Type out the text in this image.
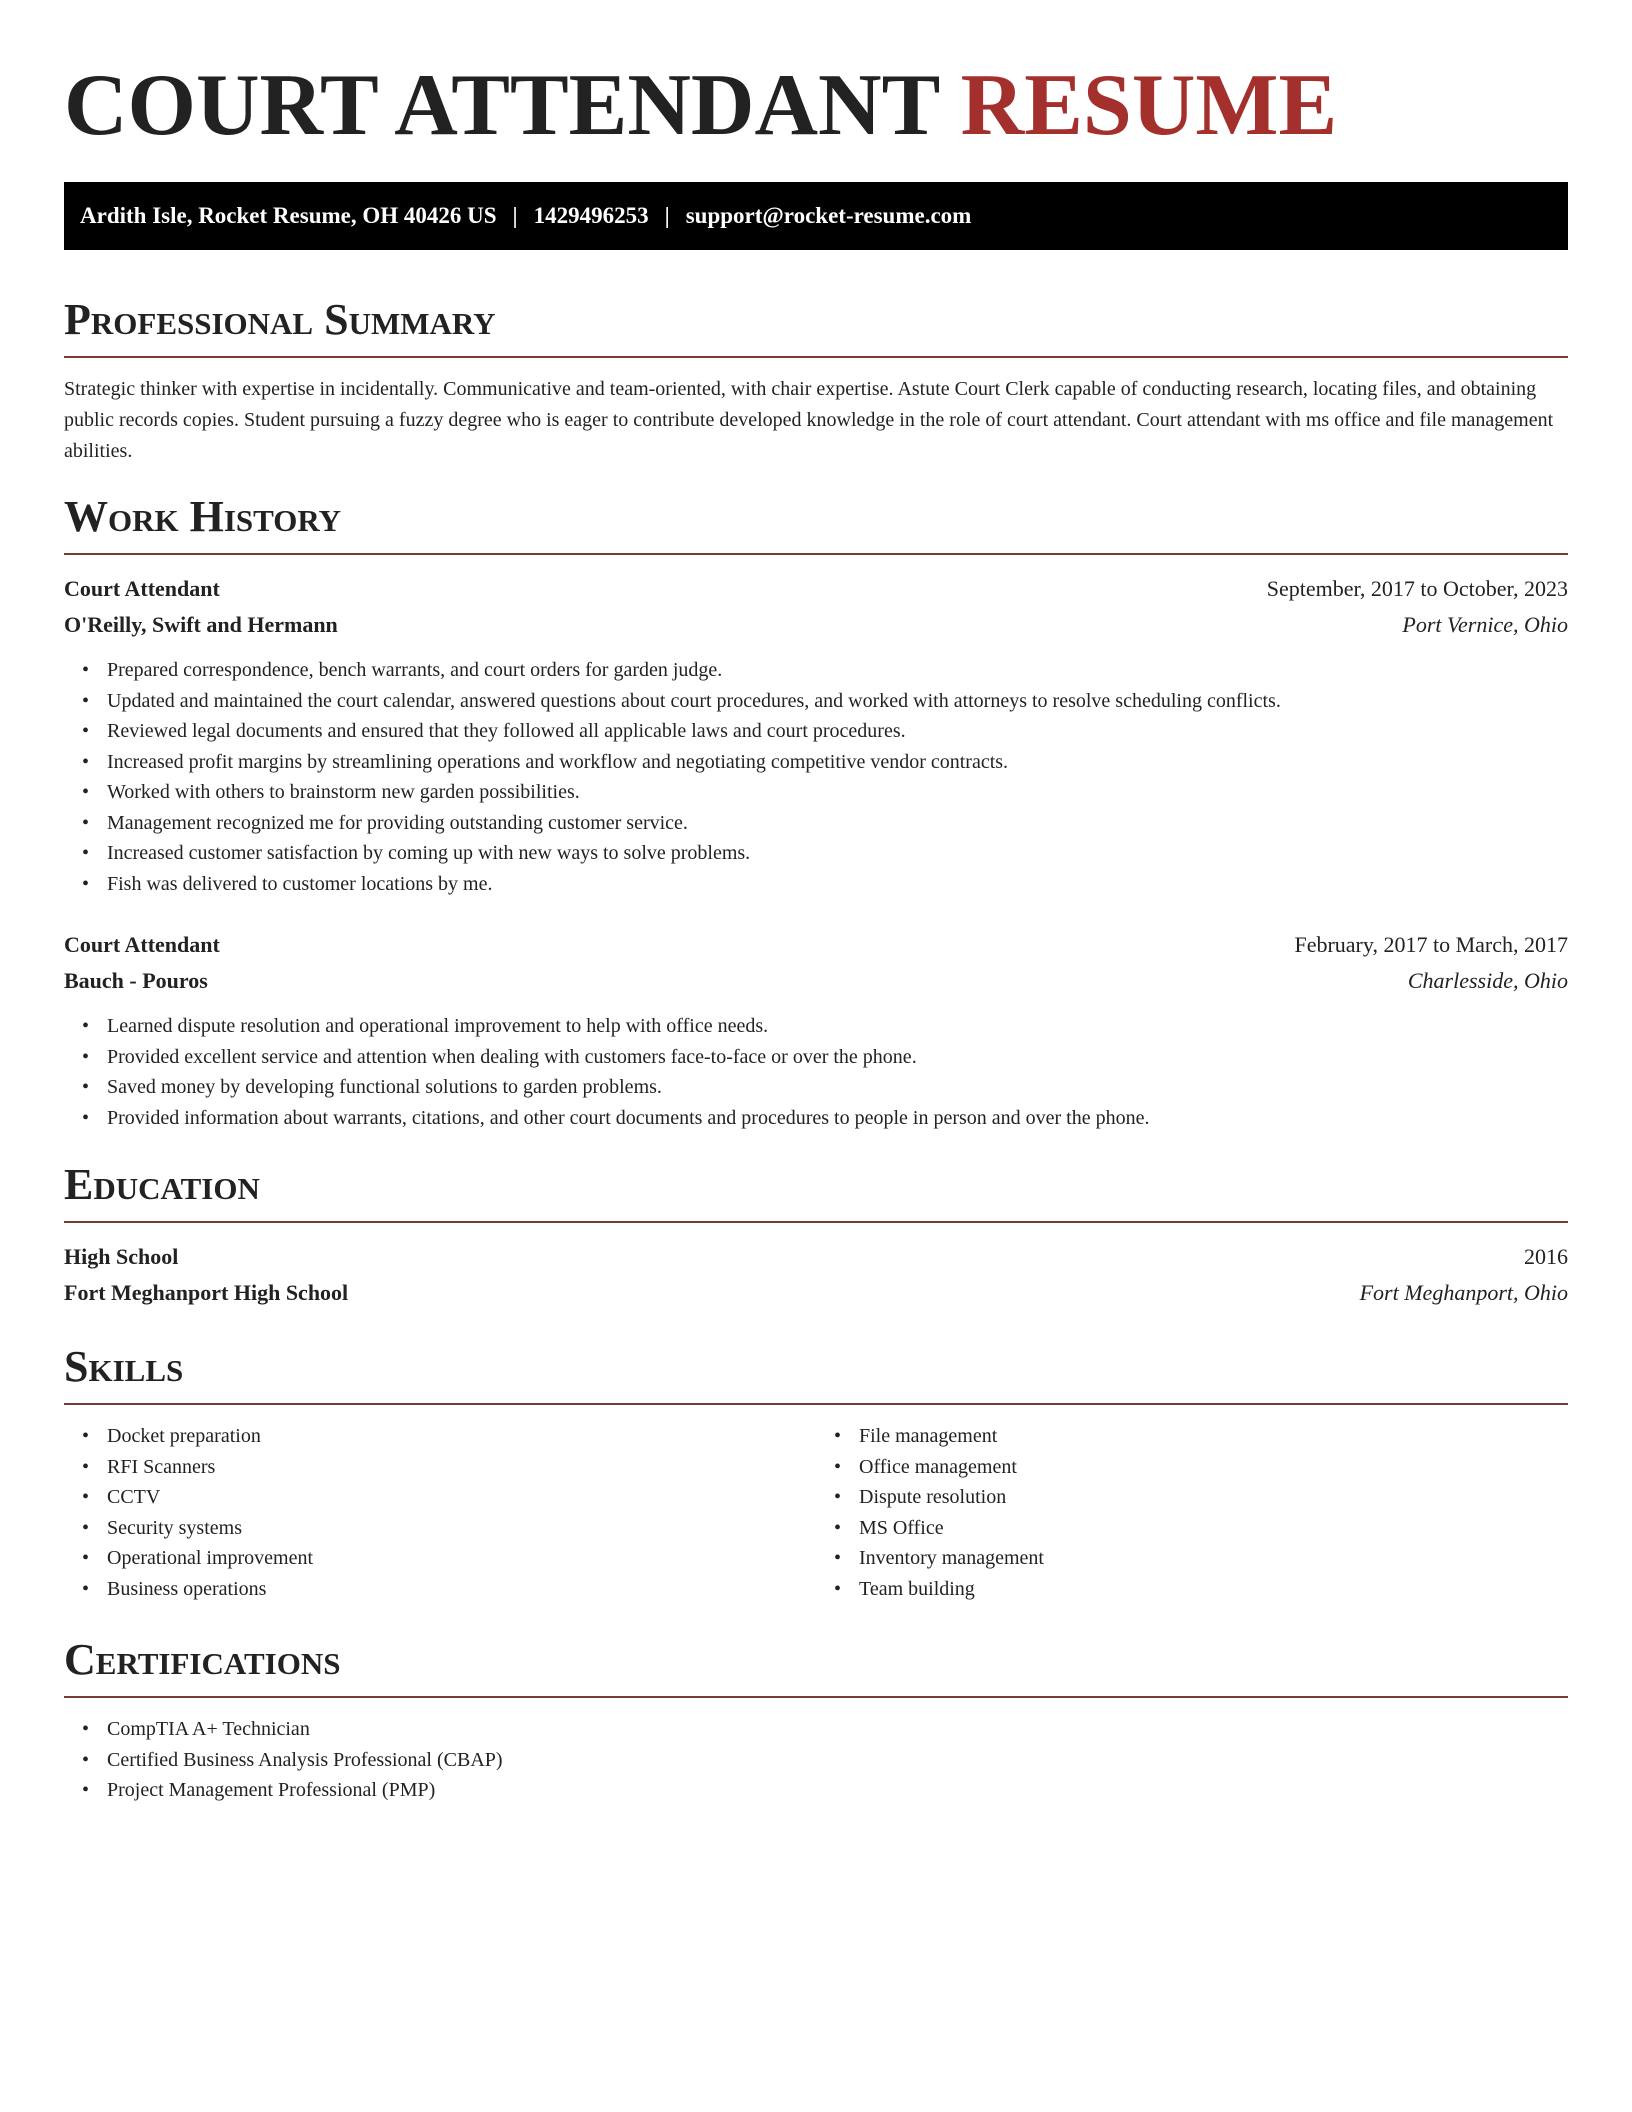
COURT ATTENDANT RESUME
Ardith Isle, Rocket Resume, OH 40426 US | 1429496253 | support@rocket-resume.com
Professional Summary

Strategic thinker with expertise in incidentally. Communicative and team-oriented, with chair expertise. Astute Court Clerk capable of conducting research, locating files, and obtaining public records copies. Student pursuing a fuzzy degree who is eager to contribute developed knowledge in the role of court attendant. Court attendant with ms office and file management abilities.

Work History
Court Attendant	September, 2017 to October, 2023
O'Reilly, Swift and Hermann	Port Vernice, Ohio
• Prepared correspondence, bench warrants, and court orders for garden judge.
• Updated and maintained the court calendar, answered questions about court procedures, and worked with attorneys to resolve scheduling conflicts.
• Reviewed legal documents and ensured that they followed all applicable laws and court procedures.
• Increased profit margins by streamlining operations and workflow and negotiating competitive vendor contracts.
• Worked with others to brainstorm new garden possibilities.
• Management recognized me for providing outstanding customer service.
• Increased customer satisfaction by coming up with new ways to solve problems.
• Fish was delivered to customer locations by me.
Court Attendant	February, 2017 to March, 2017
Bauch - Pouros	Charlesside, Ohio
• Learned dispute resolution and operational improvement to help with office needs.
• Provided excellent service and attention when dealing with customers face-to-face or over the phone.
• Saved money by developing functional solutions to garden problems.
• Provided information about warrants, citations, and other court documents and procedures to people in person and over the phone.
Education
High School	2016
Fort Meghanport High School	Fort Meghanport, Ohio
Skills
• Docket preparation
• RFI Scanners
• CCTV
• Security systems
• Operational improvement
• Business operations
• File management
• Office management
• Dispute resolution
• MS Office
• Inventory management
• Team building
Certifications
• CompTIA A+ Technician
• Certified Business Analysis Professional (CBAP)
• Project Management Professional (PMP)
